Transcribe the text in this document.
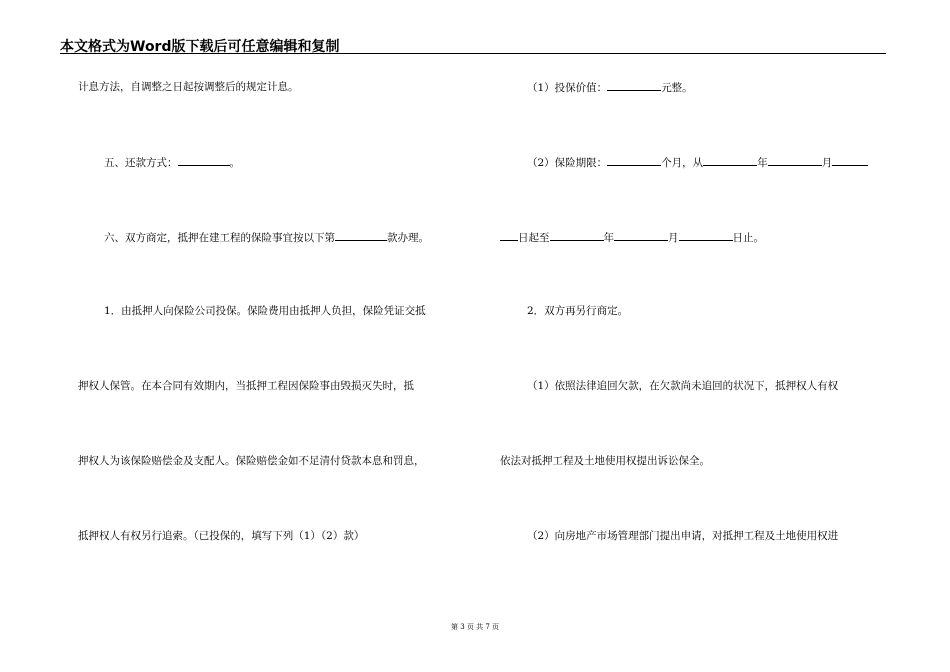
本文格式为Word版下载后可任意编辑和复制
计息方法，自调整之日起按调整后的规定计息。
五、还款方式：	。
六、双方商定，抵押在建工程的保险事宜按以下第	款办理。
1．由抵押人向保险公司投保。保险费用由抵押人负担，保险凭证交抵
押权人保管。在本合同有效期内，当抵押工程因保险事由毁损灭失时，抵
押权人为该保险赔偿金及支配人。保险赔偿金如不足清付贷款本息和罚息，
抵押权人有权另行追索。（已投保的，填写下列（1）（2）款）
（1）投保价值：	元整。
（2）保险期限：	个月，从	年	月
日起至	年	月	日止。
2．双方再另行商定。
（1）依照法律追回欠款，在欠款尚未追回的状况下，抵押权人有权
依法对抵押工程及土地使用权提出诉讼保全。
（2）向房地产市场管理部门提出申请，对抵押工程及土地使用权进
第 3 页 共 7 页
